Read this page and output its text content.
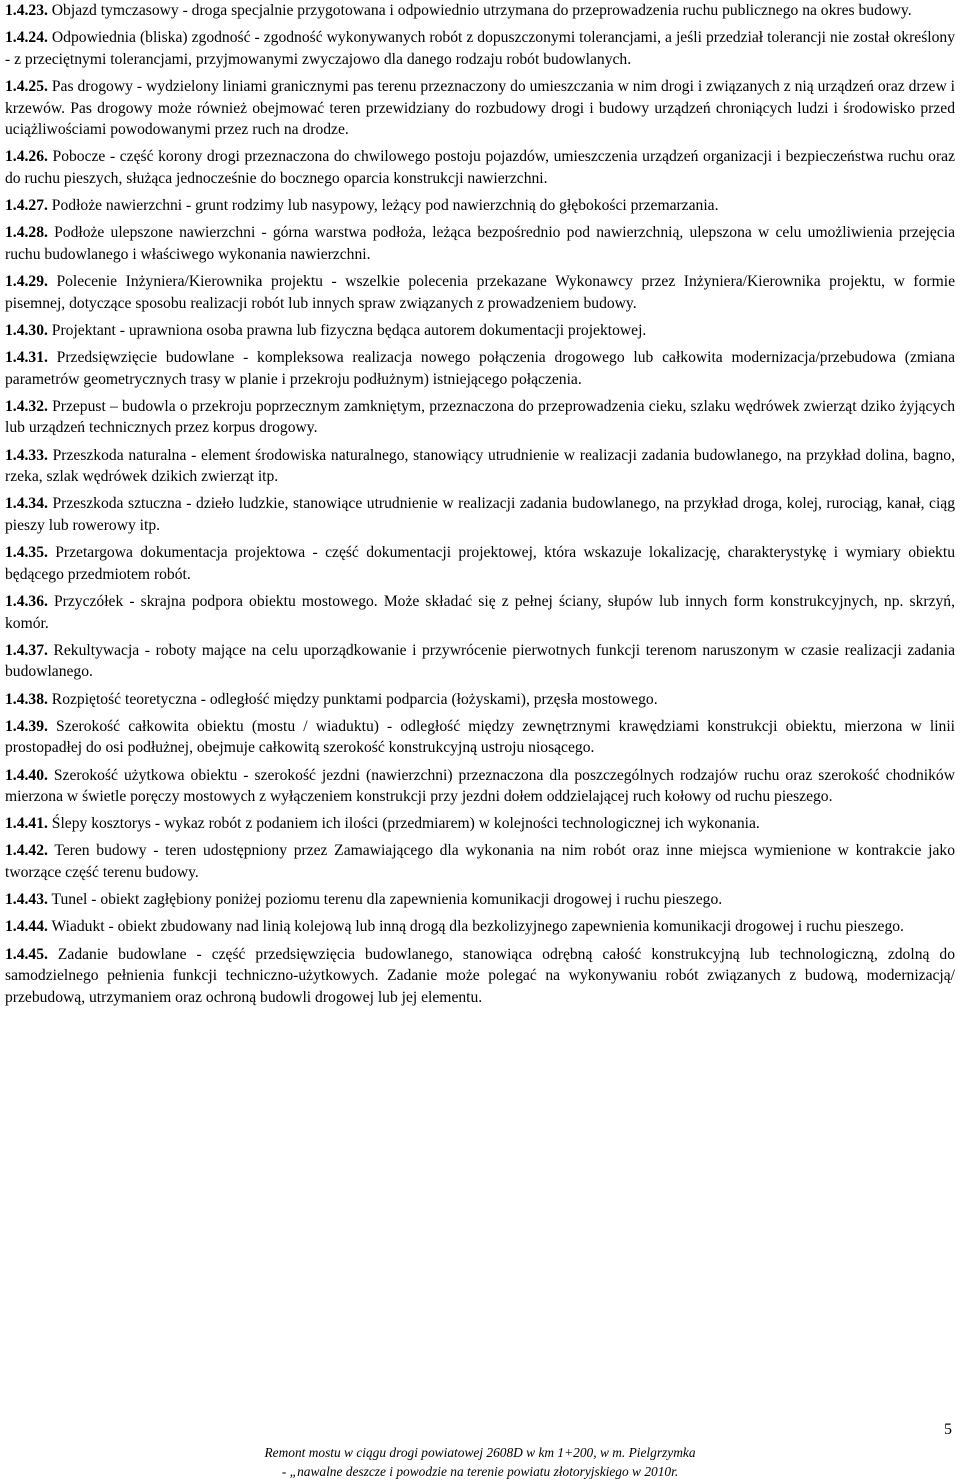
1.4.23. Objazd tymczasowy - droga specjalnie przygotowana i odpowiednio utrzymana do przeprowadzenia ruchu publicznego na okres budowy.

1.4.24. Odpowiednia (bliska) zgodność - zgodność wykonywanych robót z dopuszczonymi tolerancjami, a jeśli przedział tolerancji nie został określony - z przeciętnymi tolerancjami, przyjmowanymi zwyczajowo dla danego rodzaju robót budowlanych.

1.4.25. Pas drogowy - wydzielony liniami granicznymi pas terenu przeznaczony do umieszczania w nim drogi i związanych z nią urządzeń oraz drzew i krzewów. Pas drogowy może również obejmować teren przewidziany do rozbudowy drogi i budowy urządzeń chroniących ludzi i środowisko przed uciążliwościami powodowanymi przez ruch na drodze.

1.4.26. Pobocze - część korony drogi przeznaczona do chwilowego postoju pojazdów, umieszczenia urządzeń organizacji i bezpieczeństwa ruchu oraz do ruchu pieszych, służąca jednocześnie do bocznego oparcia konstrukcji nawierzchni.

1.4.27. Podłoże nawierzchni - grunt rodzimy lub nasypowy, leżący pod nawierzchnią do głębokości przemarzania.

1.4.28. Podłoże ulepszone nawierzchni - górna warstwa podłoża, leżąca bezpośrednio pod nawierzchnią, ulepszona w celu umożliwienia przejęcia ruchu budowlanego i właściwego wykonania nawierzchni.

1.4.29. Polecenie Inżyniera/Kierownika projektu - wszelkie polecenia przekazane Wykonawcy przez Inżyniera/Kierownika projektu, w formie pisemnej, dotyczące sposobu realizacji robót lub innych spraw związanych z prowadzeniem budowy.

1.4.30. Projektant - uprawniona osoba prawna lub fizyczna będąca autorem dokumentacji projektowej.

1.4.31. Przedsięwzięcie budowlane - kompleksowa realizacja nowego połączenia drogowego lub całkowita modernizacja/przebudowa (zmiana parametrów geometrycznych trasy w planie i przekroju podłużnym) istniejącego połączenia.

1.4.32. Przepust – budowla o przekroju poprzecznym zamkniętym, przeznaczona do przeprowadzenia cieku, szlaku wędrówek zwierząt dziko żyjących lub urządzeń technicznych przez korpus drogowy.

1.4.33. Przeszkoda naturalna - element środowiska naturalnego, stanowiący utrudnienie w realizacji zadania budowlanego, na przykład dolina, bagno, rzeka, szlak wędrówek dzikich zwierząt itp.

1.4.34. Przeszkoda sztuczna - dzieło ludzkie, stanowiące utrudnienie w realizacji zadania budowlanego, na przykład droga, kolej, rurociąg, kanał, ciąg pieszy lub rowerowy itp.

1.4.35. Przetargowa dokumentacja projektowa - część dokumentacji projektowej, która wskazuje lokalizację, charakterystykę i wymiary obiektu będącego przedmiotem robót.

1.4.36. Przyczółek - skrajna podpora obiektu mostowego. Może składać się z pełnej ściany, słupów lub innych form konstrukcyjnych, np. skrzyń, komór.

1.4.37. Rekultywacja - roboty mające na celu uporządkowanie i przywrócenie pierwotnych funkcji terenom naruszonym w czasie realizacji zadania budowlanego.

1.4.38. Rozpiętość teoretyczna - odległość między punktami podparcia (łożyskami), przęsła mostowego.

1.4.39. Szerokość całkowita obiektu (mostu / wiaduktu) - odległość między zewnętrznymi krawędziami konstrukcji obiektu, mierzona w linii prostopadłej do osi podłużnej, obejmuje całkowitą szerokość konstrukcyjną ustroju niosącego.

1.4.40. Szerokość użytkowa obiektu - szerokość jezdni (nawierzchni) przeznaczona dla poszczególnych rodzajów ruchu oraz szerokość chodników mierzona w świetle poręczy mostowych z wyłączeniem konstrukcji przy jezdni dołem oddzielającej ruch kołowy od ruchu pieszego.

1.4.41. Ślepy kosztorys - wykaz robót z podaniem ich ilości (przedmiarem) w kolejności technologicznej ich wykonania.

1.4.42. Teren budowy - teren udostępniony przez Zamawiającego dla wykonania na nim robót oraz inne miejsca wymienione w kontrakcie jako tworzące część terenu budowy.

1.4.43. Tunel - obiekt zagłębiony poniżej poziomu terenu dla zapewnienia komunikacji drogowej i ruchu pieszego.

1.4.44. Wiadukt - obiekt zbudowany nad linią kolejową lub inną drogą dla bezkolizyjnego zapewnienia komunikacji drogowej i ruchu pieszego.

1.4.45. Zadanie budowlane - część przedsięwzięcia budowlanego, stanowiąca odrębną całość konstrukcyjną lub technologiczną, zdolną do samodzielnego pełnienia funkcji techniczno-użytkowych. Zadanie może polegać na wykonywaniu robót związanych z budową, modernizacją/ przebudową, utrzymaniem oraz ochroną budowli drogowej lub jej elementu.

5
Remont mostu w ciągu drogi powiatowej 2608D w km 1+200, w m. Pielgrzymka
- „nawalne deszcze i powodzie na terenie powiatu złotoryjskiego w 2010r.
